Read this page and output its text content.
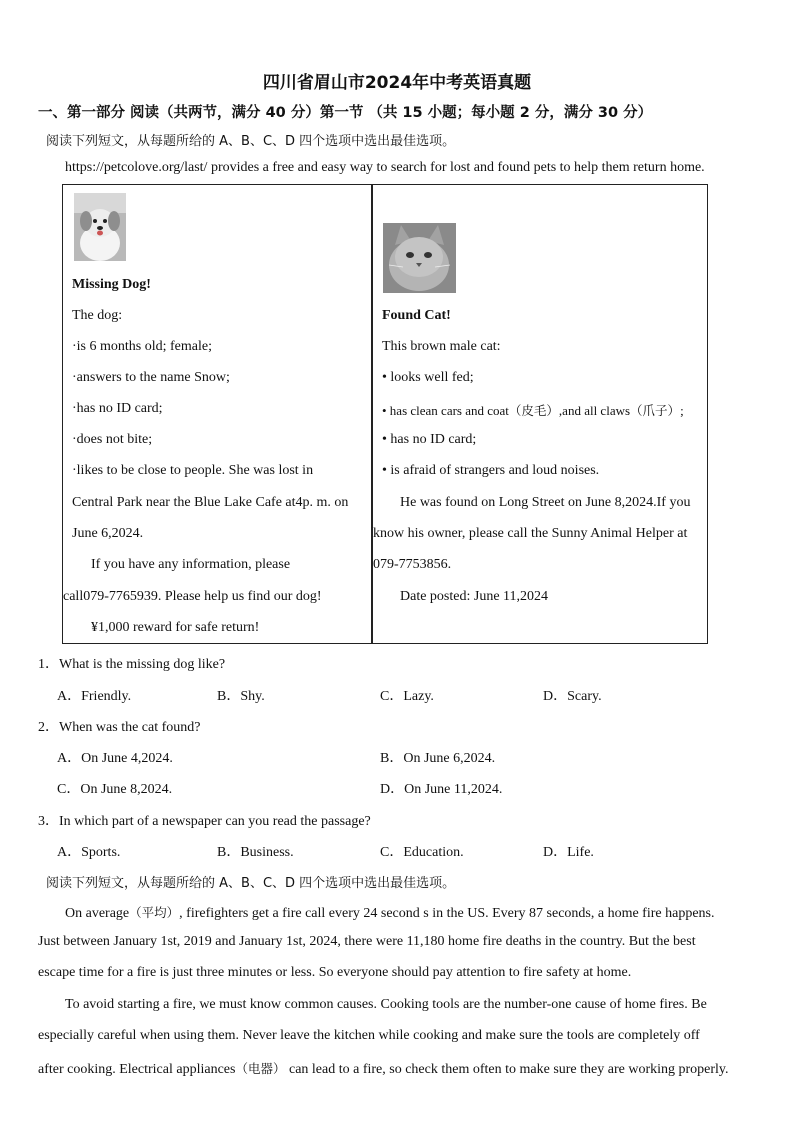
四川省眉山市2024年中考英语真题
一、第一部分 阅读（共两节，满分 40 分）第一节 （共 15 小题；每小题 2 分，满分 30 分）
阅读下列短文，从每题所给的 A、B、C、D 四个选项中选出最佳选项。
https://petcolove.org/last/ provides a free and easy way to search for lost and found pets to help them return home.
Missing Dog!
The dog:
·is 6 months old; female;
·answers to the name Snow;
·has no ID card;
·does not bite;
·likes to be close to people. She was lost in
Central Park near the Blue Lake Cafe at4p. m. on
June 6,2024.
If you have any information, please
call079-7765939. Please help us find our dog!
¥1,000 reward for safe return!
Found Cat!
This brown male cat:
• looks well fed;
• has clean cars and coat（皮毛）,and all claws（爪子）;
• has no ID card;
• is afraid of strangers and loud noises.
He was found on Long Street on June 8,2024.If you
know his owner, please call the Sunny Animal Helper at
079-7753856.
Date posted: June 11,2024
1．What is the missing dog like?
A．Friendly.	B．Shy.	C．Lazy.	D．Scary.
2．When was the cat found?
A．On June 4,2024.	B．On June 6,2024.
C．On June 8,2024.	D．On June 11,2024.
3．In which part of a newspaper can you read the passage?
A．Sports.	B．Business.	C．Education.	D．Life.
阅读下列短文，从每题所给的 A、B、C、D 四个选项中选出最佳选项。
On average（平均）, firefighters get a fire call every 24 second s in the US. Every 87 seconds, a home fire happens.
Just between January 1st, 2019 and January 1st, 2024, there were 11,180 home fire deaths in the country. But the best
escape time for a fire is just three minutes or less. So everyone should pay attention to fire safety at home.
To avoid starting a fire, we must know common causes. Cooking tools are the number-one cause of home fires. Be
especially careful when using them. Never leave the kitchen while cooking and make sure the tools are completely off
after cooking. Electrical appliances（电器） can lead to a fire, so check them often to make sure they are working properly.
